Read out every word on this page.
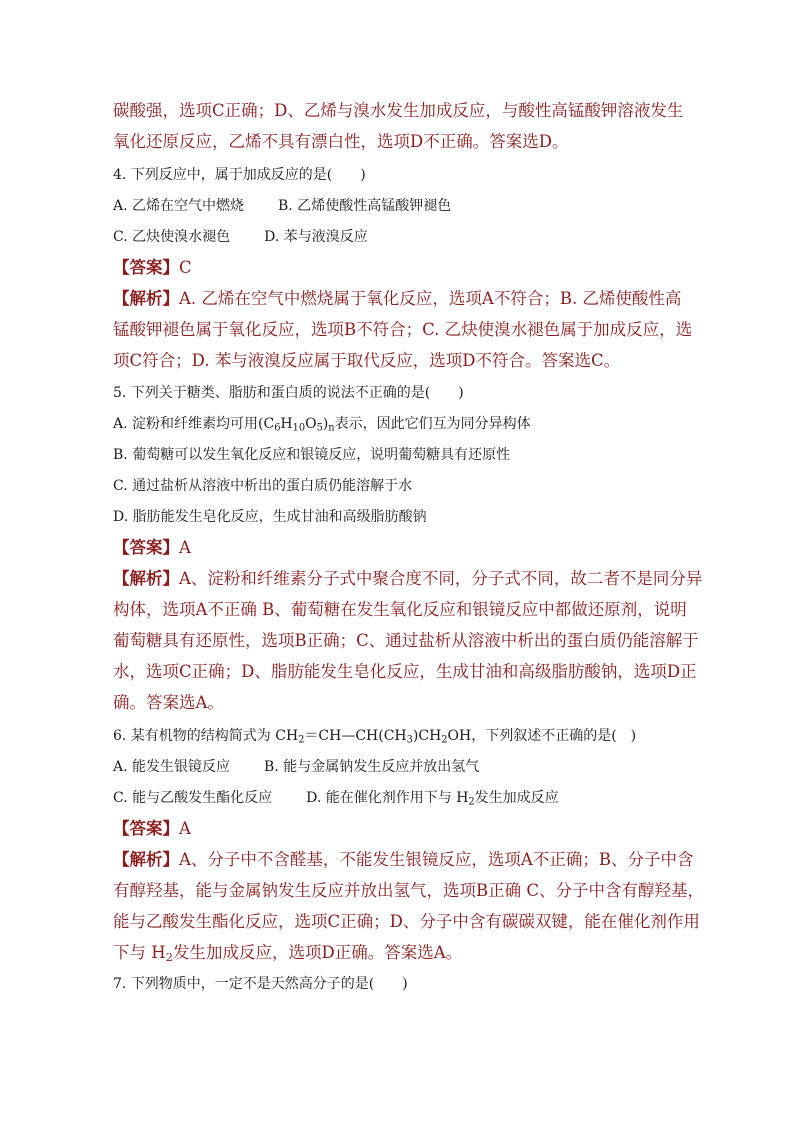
碳酸强，选项C正确；D、乙烯与溴水发生加成反应，与酸性高锰酸钾溶液发生
氧化还原反应，乙烯不具有漂白性，选项D不正确。答案选D。
4. 下列反应中，属于加成反应的是(　　)
A. 乙烯在空气中燃烧 B. 乙烯使酸性高锰酸钾褪色
C. 乙炔使溴水褪色 D. 苯与液溴反应
【答案】C
【解析】A. 乙烯在空气中燃烧属于氧化反应，选项A不符合；B. 乙烯使酸性高
锰酸钾褪色属于氧化反应，选项B不符合；C. 乙炔使溴水褪色属于加成反应，选
项C符合；D. 苯与液溴反应属于取代反应，选项D不符合。答案选C。
5. 下列关于糖类、脂肪和蛋白质的说法不正确的是(　　)
A. 淀粉和纤维素均可用$(C_6H_{10}O_5)_n$表示，因此它们互为同分异构体
B. 葡萄糖可以发生氧化反应和银镜反应，说明葡萄糖具有还原性
C. 通过盐析从溶液中析出的蛋白质仍能溶解于水
D. 脂肪能发生皂化反应，生成甘油和高级脂肪酸钠
【答案】A
【解析】A、淀粉和纤维素分子式中聚合度不同，分子式不同，故二者不是同分异
构体，选项A不正确 B、葡萄糖在发生氧化反应和银镜反应中都做还原剂，说明
葡萄糖具有还原性，选项B正确；C、通过盐析从溶液中析出的蛋白质仍能溶解于
水，选项C正确；D、脂肪能发生皂化反应，生成甘油和高级脂肪酸钠，选项D正
确。答案选A。
6. 某有机物的结构简式为 $CH_2=CH—CH(CH_3)CH_2OH$，下列叙述不正确的是(　)
A. 能发生银镜反应 B. 能与金属钠发生反应并放出氢气
C. 能与乙酸发生酯化反应 D. 能在催化剂作用下与 $H_2$发生加成反应
【答案】A
【解析】A、分子中不含醛基，不能发生银镜反应，选项A不正确；B、分子中含
有醇羟基，能与金属钠发生反应并放出氢气，选项B正确 C、分子中含有醇羟基，
能与乙酸发生酯化反应，选项C正确；D、分子中含有碳碳双键，能在催化剂作用
下与 $H_2$发生加成反应，选项D正确。答案选A。
7. 下列物质中，一定不是天然高分子的是(　　)
